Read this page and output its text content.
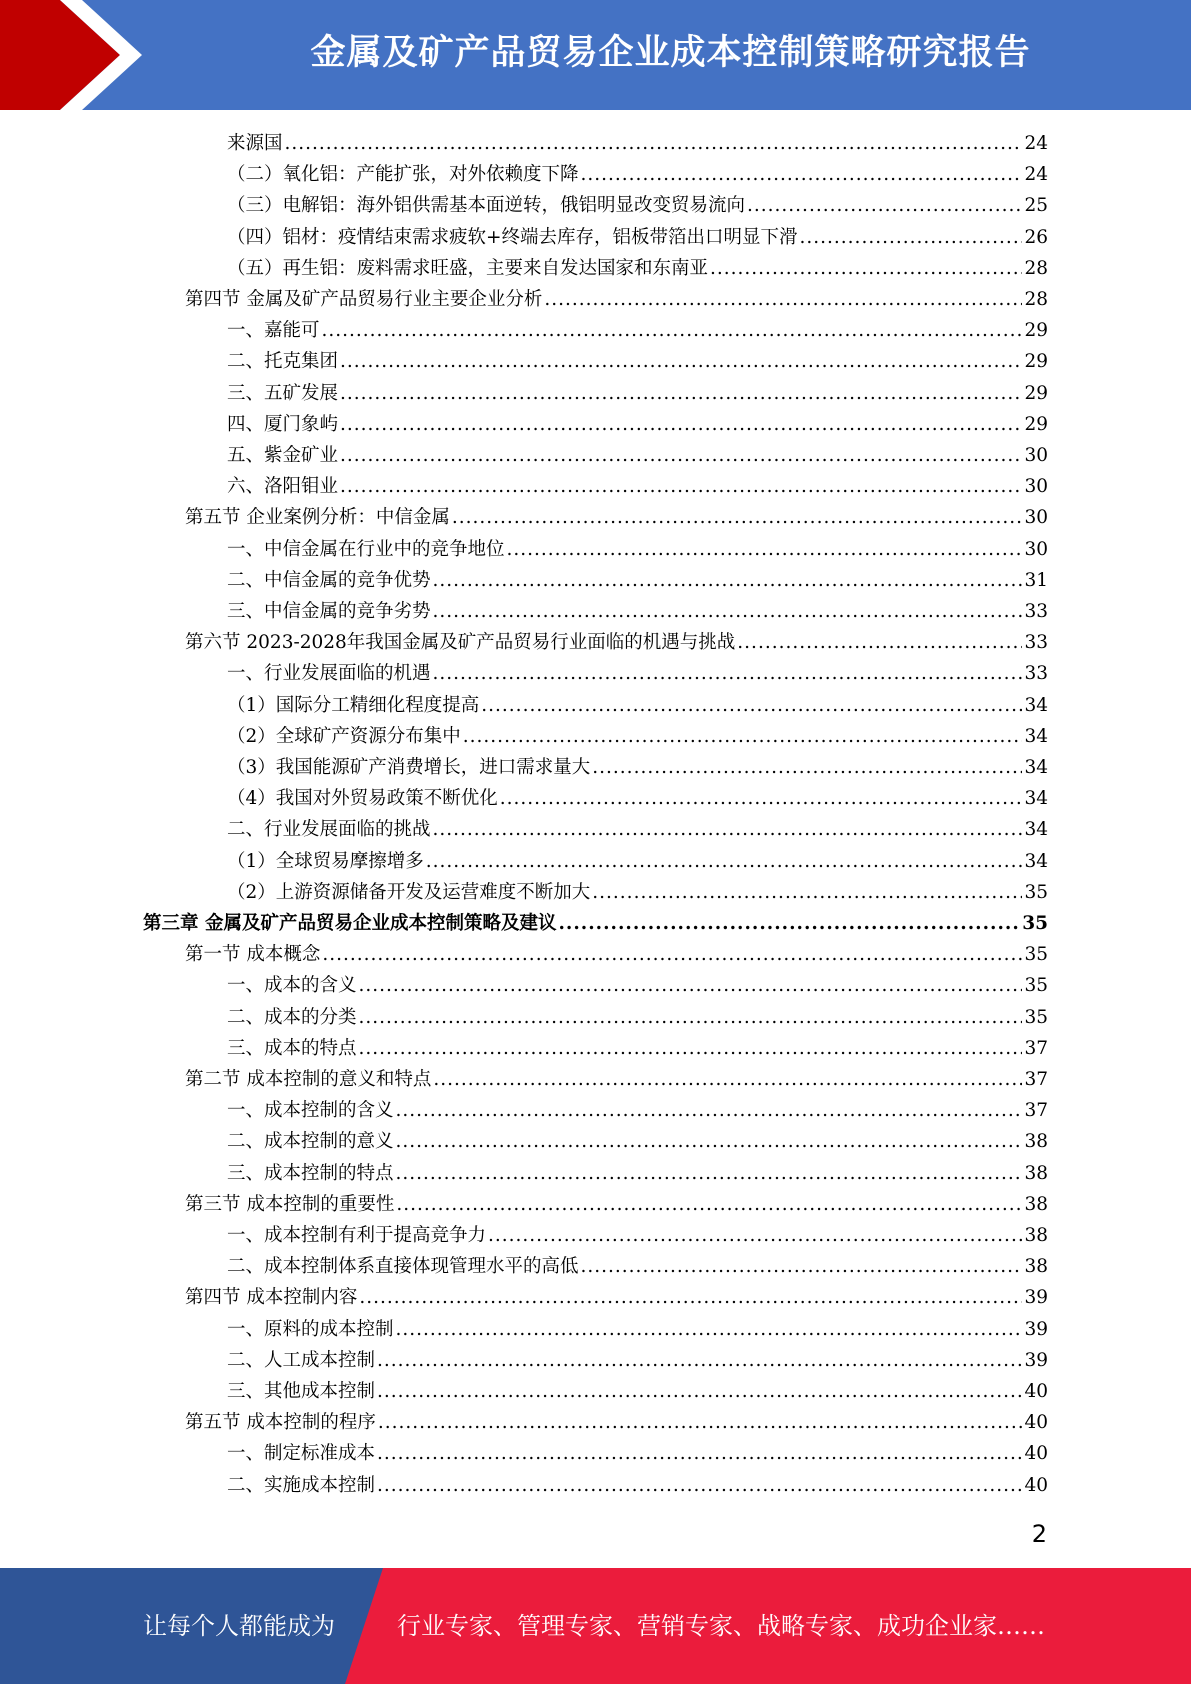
金属及矿产品贸易企业成本控制策略研究报告
来源国 .....	24
（二）氧化铝：产能扩张，对外依赖度下降 .....	24
（三）电解铝：海外铝供需基本面逆转，俄铝明显改变贸易流向 .....	25
（四）铝材：疫情结束需求疲软+终端去库存，铝板带箔出口明显下滑 .....	26
（五）再生铝：废料需求旺盛，主要来自发达国家和东南亚 .....	28
第四节 金属及矿产品贸易行业主要企业分析 .....	28
一、嘉能可 .....	29
二、托克集团 .....	29
三、五矿发展 .....	29
四、厦门象屿 .....	29
五、紫金矿业 .....	30
六、洛阳钼业 .....	30
第五节 企业案例分析：中信金属 .....	30
一、中信金属在行业中的竞争地位 .....	30
二、中信金属的竞争优势 .....	31
三、中信金属的竞争劣势 .....	33
第六节 2023-2028年我国金属及矿产品贸易行业面临的机遇与挑战 .....	33
一、行业发展面临的机遇 .....	33
（1）国际分工精细化程度提高 .....	34
（2）全球矿产资源分布集中 .....	34
（3）我国能源矿产消费增长，进口需求量大 .....	34
（4）我国对外贸易政策不断优化 .....	34
二、行业发展面临的挑战 .....	34
（1）全球贸易摩擦增多 .....	34
（2）上游资源储备开发及运营难度不断加大 .....	35
第三章 金属及矿产品贸易企业成本控制策略及建议 .....	35
第一节 成本概念 .....	35
一、成本的含义 .....	35
二、成本的分类 .....	35
三、成本的特点 .....	37
第二节 成本控制的意义和特点 .....	37
一、成本控制的含义 .....	37
二、成本控制的意义 .....	38
三、成本控制的特点 .....	38
第三节 成本控制的重要性 .....	38
一、成本控制有利于提高竞争力 .....	38
二、成本控制体系直接体现管理水平的高低 .....	38
第四节 成本控制内容 .....	39
一、原料的成本控制 .....	39
二、人工成本控制 .....	39
三、其他成本控制 .....	40
第五节 成本控制的程序 .....	40
一、制定标准成本 .....	40
二、实施成本控制 .....	40
2
让每个人都能成为	行业专家、管理专家、营销专家、战略专家、成功企业家……
